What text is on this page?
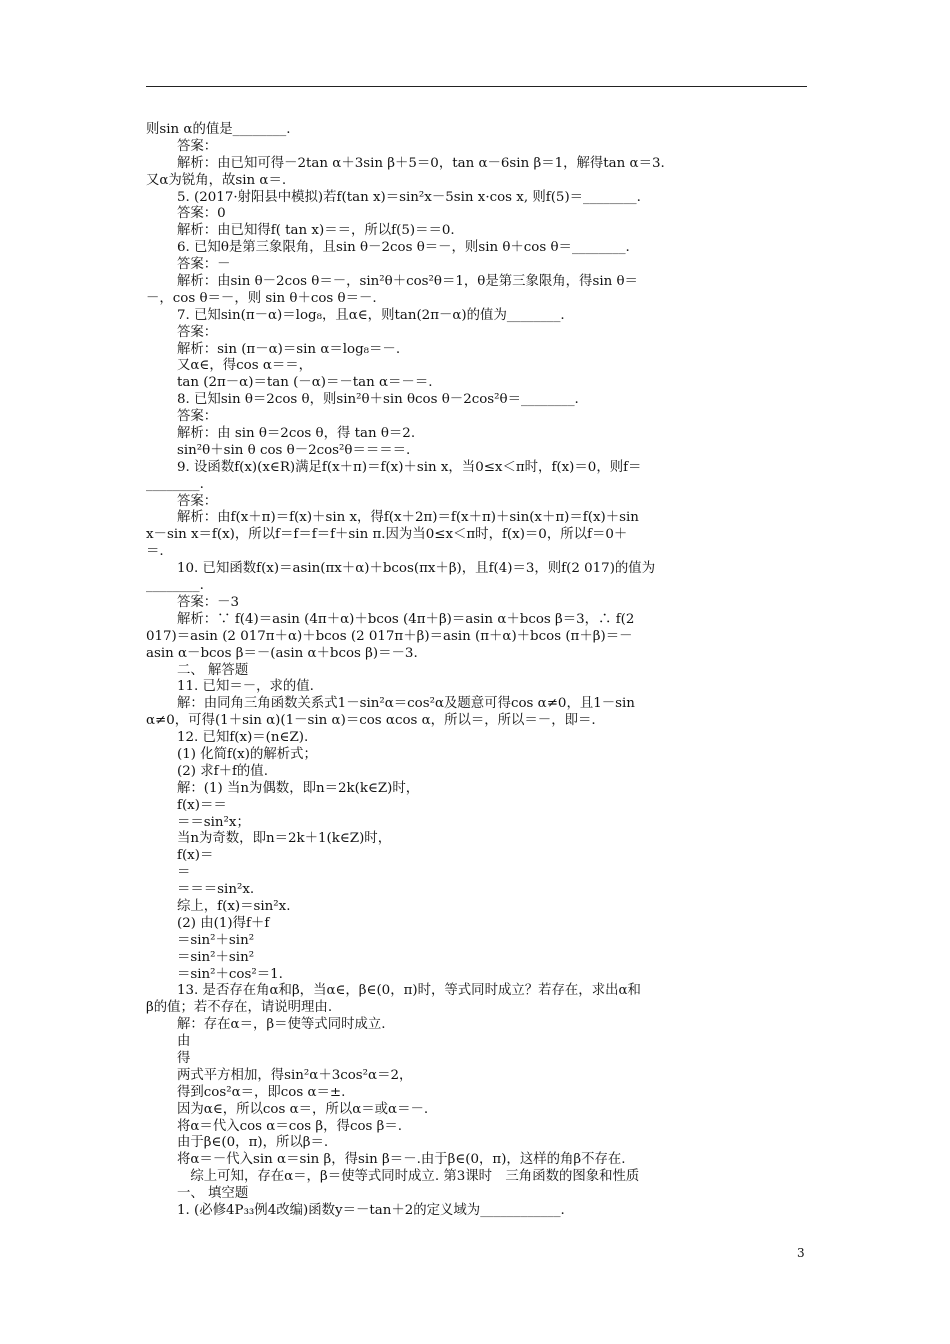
则sin α的值是________.
答案：
解析：由已知可得－2tan α＋3sin β＋5＝0，tan α－6sin β＝1，解得tan α＝3.
又α为锐角，故sin α＝.
5. (2017·射阳县中模拟)若f(tan x)＝sin²x－5sin x·cos x, 则f(5)＝________.
答案：0
解析：由已知得f( tan x)＝＝，所以f(5)＝＝0.
6. 已知θ是第三象限角，且sin θ－2cos θ＝－，则sin θ＋cos θ＝________.
答案：－
解析：由sin θ－2cos θ＝－，sin²θ＋cos²θ＝1，θ是第三象限角，得sin θ＝
－，cos θ＝－，则 sin θ＋cos θ＝－.
7. 已知sin(π－α)＝log₈，且α∈，则tan(2π－α)的值为________.
答案：
解析：sin (π－α)＝sin α＝log₈＝－.
又α∈，得cos α＝＝，
tan (2π－α)＝tan (－α)＝－tan α＝－＝.
8. 已知sin θ＝2cos θ，则sin²θ＋sin θcos θ－2cos²θ＝________.
答案：
解析：由 sin θ＝2cos θ，得 tan θ＝2.
sin²θ＋sin θ cos θ－2cos²θ＝＝＝＝.
9. 设函数f(x)(x∈R)满足f(x＋π)＝f(x)＋sin x，当0≤x＜π时，f(x)＝0，则f＝
________.
答案：
解析：由f(x＋π)＝f(x)＋sin x，得f(x＋2π)＝f(x＋π)＋sin(x＋π)＝f(x)＋sin
x－sin x＝f(x)，所以f＝f＝f＝f＋sin π.因为当0≤x＜π时，f(x)＝0，所以f＝0＋
＝.
10. 已知函数f(x)＝asin(πx＋α)＋bcos(πx＋β)，且f(4)＝3，则f(2 017)的值为
________.
答案：－3
解析：∵ f(4)＝asin (4π＋α)＋bcos (4π＋β)＝asin α＋bcos β＝3，∴ f(2
017)＝asin (2 017π＋α)＋bcos (2 017π＋β)＝asin (π＋α)＋bcos (π＋β)＝－
asin α－bcos β＝－(asin α＋bcos β)＝－3.
二、 解答题
11. 已知＝－，求的值.
解：由同角三角函数关系式1－sin²α＝cos²α及题意可得cos α≠0，且1－sin
α≠0，可得(1＋sin α)(1－sin α)＝cos αcos α，所以＝，所以＝－，即＝.
12. 已知f(x)＝(n∈Z).
(1) 化简f(x)的解析式；
(2) 求f＋f的值.
解：(1) 当n为偶数，即n＝2k(k∈Z)时，
f(x)＝＝
＝＝sin²x；
当n为奇数，即n＝2k＋1(k∈Z)时，
f(x)＝
＝
＝＝＝sin²x.
综上，f(x)＝sin²x.
(2) 由(1)得f＋f
＝sin²＋sin²
＝sin²＋sin²
＝sin²＋cos²＝1.
13. 是否存在角α和β，当α∈，β∈(0，π)时，等式同时成立？若存在，求出α和
β的值；若不存在，请说明理由.
解：存在α＝，β＝使等式同时成立.
由
得
两式平方相加，得sin²α＋3cos²α＝2，
得到cos²α＝，即cos α＝±.
因为α∈，所以cos α＝，所以α＝或α＝－.
将α＝代入cos α＝cos β，得cos β＝.
由于β∈(0，π)，所以β＝.
将α＝－代入sin α＝sin β，得sin β＝－.由于β∈(0，π)，这样的角β不存在.
　综上可知，存在α＝，β＝使等式同时成立. 第3课时　三角函数的图象和性质
一、 填空题
1. (必修4P₃₃例4改编)函数y＝－tan＋2的定义域为____________.
3
